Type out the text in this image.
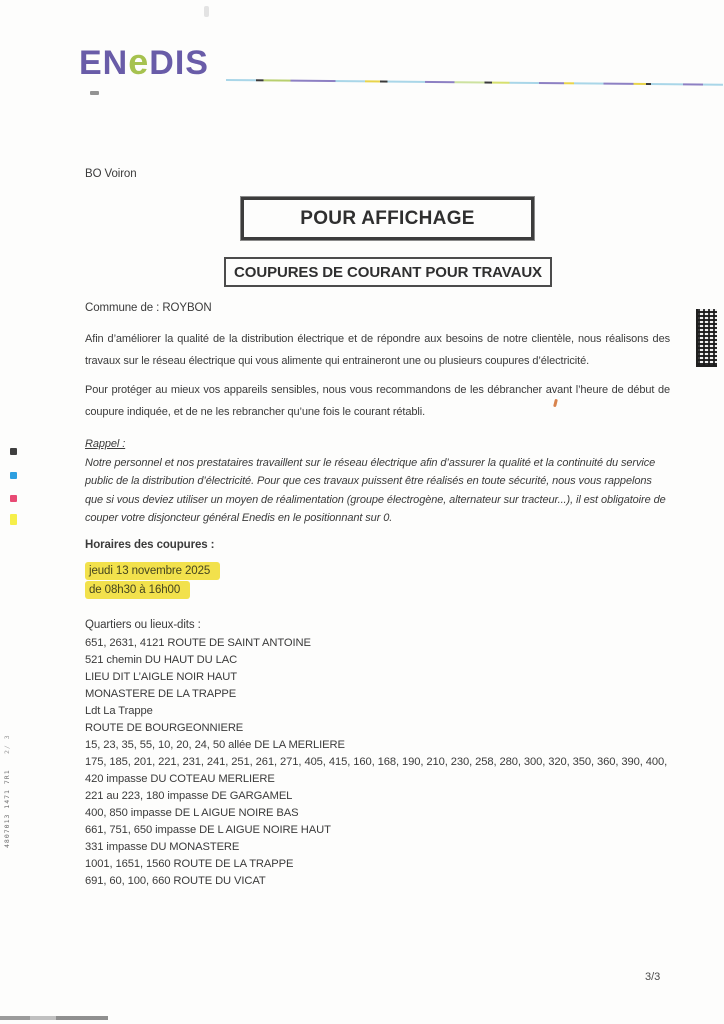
ENeDIS
BO Voiron
POUR AFFICHAGE
COUPURES DE COURANT POUR TRAVAUX
Commune de : ROYBON
Afin d’améliorer la qualité de la distribution électrique et de répondre aux besoins de notre clientèle, nous réalisons des travaux sur le réseau électrique qui vous alimente qui entraineront une ou plusieurs coupures d’électricité.
Pour protéger au mieux vos appareils sensibles, nous vous recommandons de les débrancher avant l’heure de début de coupure indiquée, et de ne les rebrancher qu’une fois le courant rétabli.
Rappel :
Notre personnel et nos prestataires travaillent sur le réseau électrique afin d’assurer la qualité et la continuité du service public de la distribution d’électricité. Pour que ces travaux puissent être réalisés en toute sécurité, nous vous rappelons que si vous deviez utiliser un moyen de réalimentation (groupe électrogène, alternateur sur tracteur...), il est obligatoire de couper votre disjoncteur général Enedis en le positionnant sur 0.
Horaires des coupures :
jeudi 13 novembre 2025
de 08h30 à 16h00
Quartiers ou lieux-dits :
651, 2631, 4121 ROUTE DE SAINT ANTOINE
521 chemin DU HAUT DU LAC
LIEU DIT L’AIGLE NOIR HAUT
MONASTERE DE LA TRAPPE
Ldt La Trappe
ROUTE DE BOURGEONNIERE
15, 23, 35, 55, 10, 20, 24, 50 allée DE LA MERLIERE
175, 185, 201, 221, 231, 241, 251, 261, 271, 405, 415, 160, 168, 190, 210, 230, 258, 280, 300, 320, 350, 360, 390, 400, 420 impasse DU COTEAU MERLIERE
221 au 223, 180 impasse DE GARGAMEL
400, 850 impasse DE L AIGUE NOIRE BAS
661, 751, 650 impasse DE L AIGUE NOIRE HAUT
331 impasse DU MONASTERE
1001, 1651, 1560 ROUTE DE LA TRAPPE
691, 60, 100, 660 ROUTE DU VICAT
4807013 1471 7R1 2/ 3
3/3
